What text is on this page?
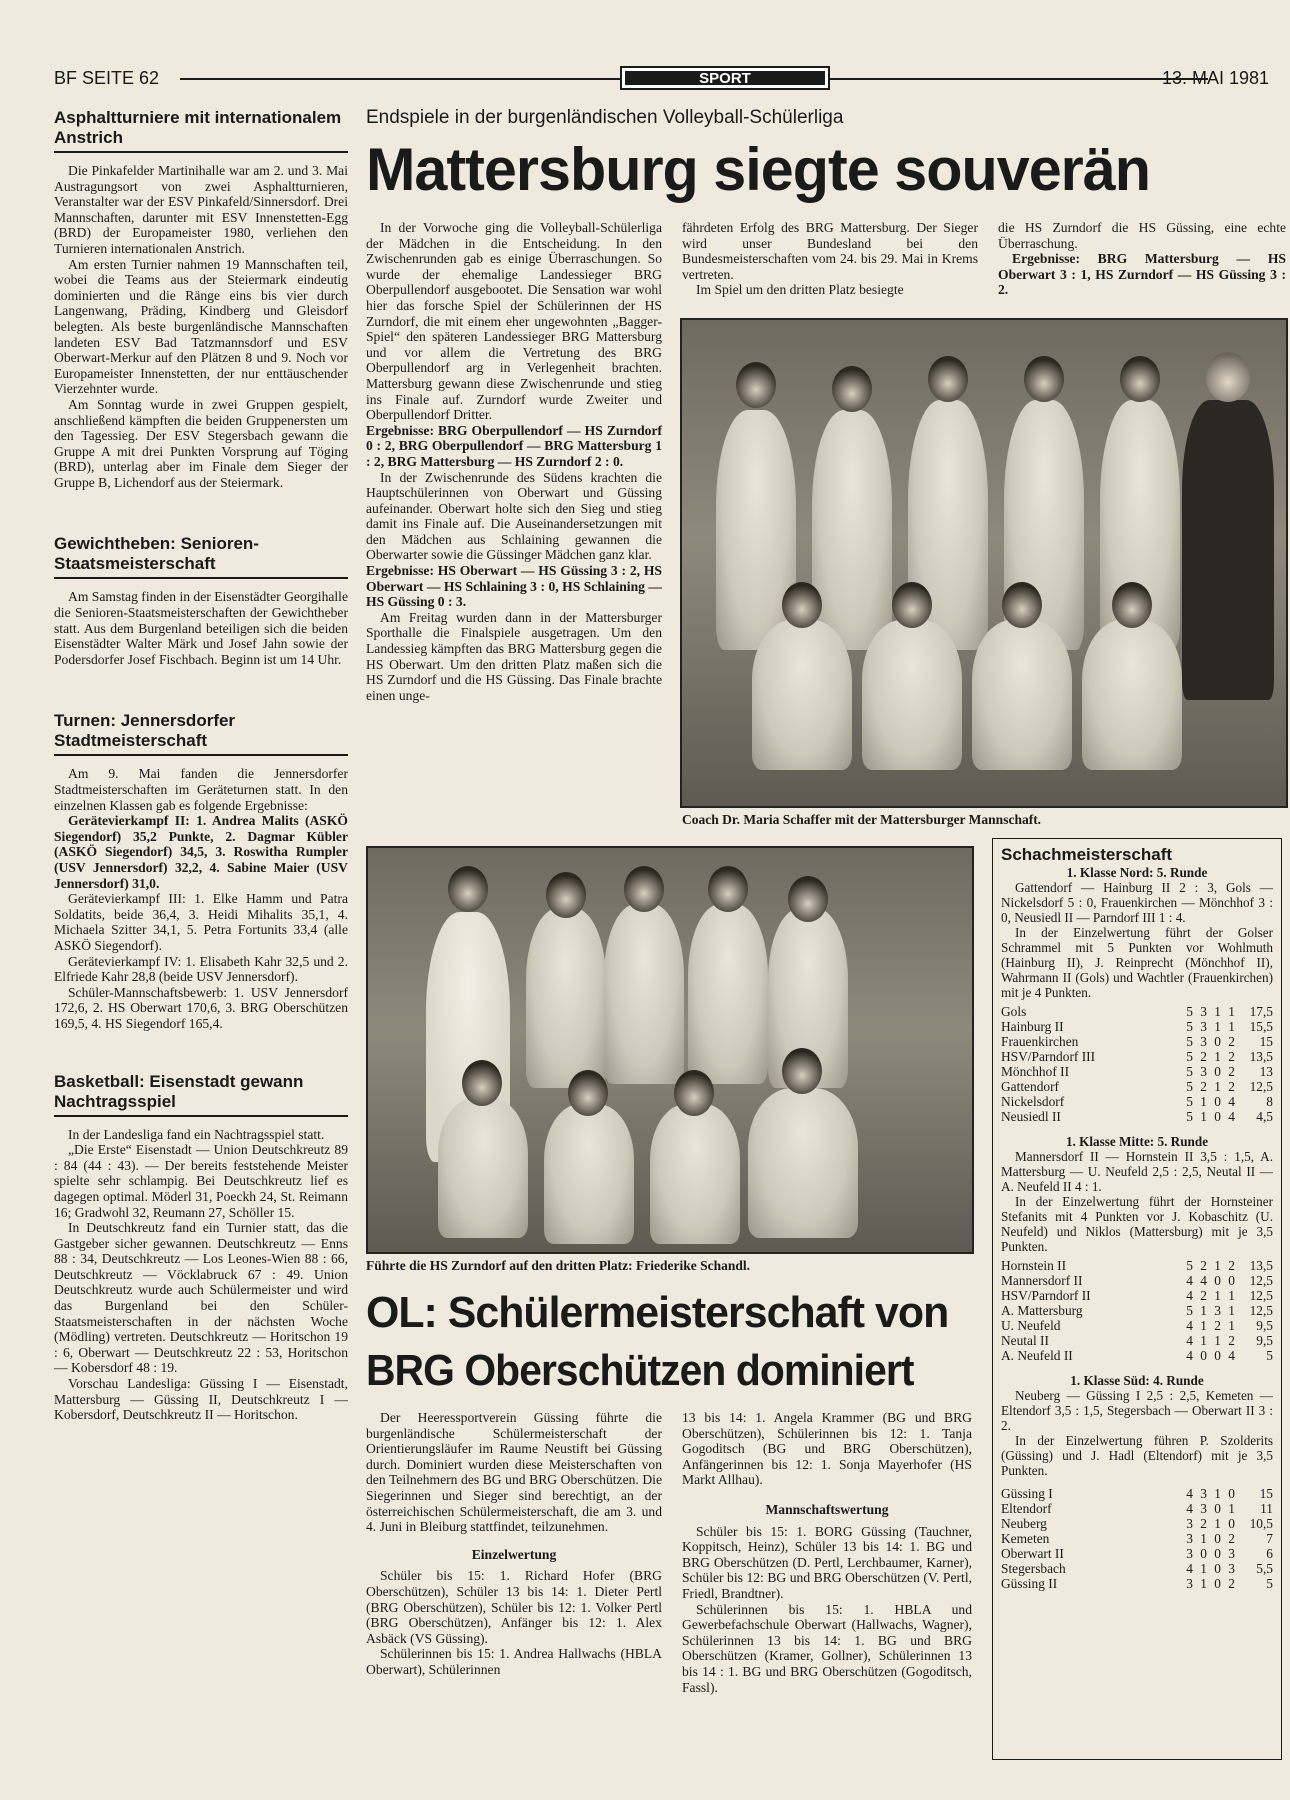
BF SEITE 62	SPORT	13. MAI 1981
Asphaltturniere mit internationalem Anstrich

Die Pinkafelder Martinihalle war am 2. und 3. Mai Austragungsort von zwei Asphaltturnieren, Veranstalter war der ESV Pinkafeld/Sinnersdorf. Drei Mannschaften, darunter mit ESV Innenstetten-Egg (BRD) der Europameister 1980, verliehen den Turnieren internationalen Anstrich.

Am ersten Turnier nahmen 19 Mannschaften teil, wobei die Teams aus der Steiermark eindeutig dominierten und die Ränge eins bis vier durch Langenwang, Präding, Kindberg und Gleisdorf belegten. Als beste burgenländische Mannschaften landeten ESV Bad Tatzmannsdorf und ESV Oberwart-Merkur auf den Plätzen 8 und 9. Noch vor Europameister Innenstetten, der nur enttäuschender Vierzehnter wurde.

Am Sonntag wurde in zwei Gruppen gespielt, anschließend kämpften die beiden Gruppenersten um den Tagessieg. Der ESV Stegersbach gewann die Gruppe A mit drei Punkten Vorsprung auf Töging (BRD), unterlag aber im Finale dem Sieger der Gruppe B, Lichendorf aus der Steiermark.

Gewichtheben: Senioren-Staatsmeisterschaft

Am Samstag finden in der Eisenstädter Georgihalle die Senioren-Staatsmeisterschaften der Gewichtheber statt. Aus dem Burgenland beteiligen sich die beiden Eisenstädter Walter Märk und Josef Jahn sowie der Podersdorfer Josef Fischbach. Beginn ist um 14 Uhr.

Turnen: Jennersdorfer Stadtmeisterschaft

Am 9. Mai fanden die Jennersdorfer Stadtmeisterschaften im Geräteturnen statt. In den einzelnen Klassen gab es folgende Ergebnisse:

Gerätevierkampf II: 1. Andrea Malits (ASKÖ Siegendorf) 35,2 Punkte, 2. Dagmar Kübler (ASKÖ Siegendorf) 34,5, 3. Roswitha Rumpler (USV Jennersdorf) 32,2, 4. Sabine Maier (USV Jennersdorf) 31,0.

Gerätevierkampf III: 1. Elke Hamm und Patra Soldatits, beide 36,4, 3. Heidi Mihalits 35,1, 4. Michaela Szitter 34,1, 5. Petra Fortunits 33,4 (alle ASKÖ Siegendorf).

Gerätevierkampf IV: 1. Elisabeth Kahr 32,5 und 2. Elfriede Kahr 28,8 (beide USV Jennersdorf).

Schüler-Mannschaftsbewerb: 1. USV Jennersdorf 172,6, 2. HS Oberwart 170,6, 3. BRG Oberschützen 169,5, 4. HS Siegendorf 165,4.

Basketball: Eisenstadt gewann Nachtragsspiel

In der Landesliga fand ein Nachtragsspiel statt.

„Die Erste“ Eisenstadt — Union Deutschkreutz 89 : 84 (44 : 43). — Der bereits feststehende Meister spielte sehr schlampig. Bei Deutschkreutz lief es dagegen optimal. Möderl 31, Poeckh 24, St. Reimann 16; Gradwohl 32, Reumann 27, Schöller 15.

In Deutschkreutz fand ein Turnier statt, das die Gastgeber sicher gewannen. Deutschkreutz — Enns 88 : 34, Deutschkreutz — Los Leones-Wien 88 : 66, Deutschkreutz — Vöcklabruck 67 : 49. Union Deutschkreutz wurde auch Schülermeister und wird das Burgenland bei den Schüler-Staatsmeisterschaften in der nächsten Woche (Mödling) vertreten. Deutschkreutz — Horitschon 19 : 6, Oberwart — Deutschkreutz 22 : 53, Horitschon — Kobersdorf 48 : 19.

Vorschau Landesliga: Güssing I — Eisenstadt, Mattersburg — Güssing II, Deutschkreutz I — Kobersdorf, Deutschkreutz II — Horitschon.

Endspiele in der burgenländischen Volleyball-Schülerliga
Mattersburg siegte souverän

In der Vorwoche ging die Volleyball-Schülerliga der Mädchen in die Entscheidung. In den Zwischenrunden gab es einige Überraschungen. So wurde der ehemalige Landessieger BRG Oberpullendorf ausgebootet. Die Sensation war wohl hier das forsche Spiel der Schülerinnen der HS Zurndorf, die mit einem eher ungewohnten „Bagger-Spiel“ den späteren Landessieger BRG Mattersburg und vor allem die Vertretung des BRG Oberpullendorf arg in Verlegenheit brachten. Mattersburg gewann diese Zwischenrunde und stieg ins Finale auf. Zurndorf wurde Zweiter und Oberpullendorf Dritter.

Ergebnisse: BRG Oberpullendorf — HS Zurndorf 0 : 2, BRG Oberpullendorf — BRG Mattersburg 1 : 2, BRG Mattersburg — HS Zurndorf 2 : 0.

In der Zwischenrunde des Südens krachten die Hauptschülerinnen von Oberwart und Güssing aufeinander. Oberwart holte sich den Sieg und stieg damit ins Finale auf. Die Auseinandersetzungen mit den Mädchen aus Schlaining gewannen die Oberwarter sowie die Güssinger Mädchen ganz klar.

Ergebnisse: HS Oberwart — HS Güssing 3 : 2, HS Oberwart — HS Schlaining 3 : 0, HS Schlaining — HS Güssing 0 : 3.

Am Freitag wurden dann in der Mattersburger Sporthalle die Finalspiele ausgetragen. Um den Landessieg kämpften das BRG Mattersburg gegen die HS Oberwart. Um den dritten Platz maßen sich die HS Zurndorf und die HS Güssing. Das Finale brachte einen unge-

fährdeten Erfolg des BRG Mattersburg. Der Sieger wird unser Bundesland bei den Bundesmeisterschaften vom 24. bis 29. Mai in Krems vertreten.

Im Spiel um den dritten Platz besiegte

die HS Zurndorf die HS Güssing, eine echte Überraschung.

Ergebnisse: BRG Mattersburg — HS Oberwart 3 : 1, HS Zurndorf — HS Güssing 3 : 2.

Coach Dr. Maria Schaffer mit der Mattersburger Mannschaft.
Führte die HS Zurndorf auf den dritten Platz: Friederike Schandl.
OL: Schülermeisterschaft von
BRG Oberschützen dominiert

Der Heeressportverein Güssing führte die burgenländische Schülermeisterschaft der Orientierungsläufer im Raume Neustift bei Güssing durch. Dominiert wurden diese Meisterschaften von den Teilnehmern des BG und BRG Oberschützen. Die Siegerinnen und Sieger sind berechtigt, an der österreichischen Schülermeisterschaft, die am 3. und 4. Juni in Bleiburg stattfindet, teilzunehmen.

Einzelwertung

Schüler bis 15: 1. Richard Hofer (BRG Oberschützen), Schüler 13 bis 14: 1. Dieter Pertl (BRG Oberschützen), Schüler bis 12: 1. Volker Pertl (BRG Oberschützen), Anfänger bis 12: 1. Alex Asbäck (VS Güssing).

Schülerinnen bis 15: 1. Andrea Hallwachs (HBLA Oberwart), Schülerinnen

13 bis 14: 1. Angela Krammer (BG und BRG Oberschützen), Schülerinnen bis 12: 1. Tanja Gogoditsch (BG und BRG Oberschützen), Anfängerinnen bis 12: 1. Sonja Mayerhofer (HS Markt Allhau).

Mannschaftswertung

Schüler bis 15: 1. BORG Güssing (Tauchner, Koppitsch, Heinz), Schüler 13 bis 14: 1. BG und BRG Oberschützen (D. Pertl, Lerchbaumer, Karner), Schüler bis 12: BG und BRG Oberschützen (V. Pertl, Friedl, Brandtner).

Schülerinnen bis 15: 1. HBLA und Gewerbefachschule Oberwart (Hallwachs, Wagner), Schülerinnen 13 bis 14: 1. BG und BRG Oberschützen (Kramer, Gollner), Schülerinnen 13 bis 14 : 1. BG und BRG Oberschützen (Gogoditsch, Fassl).

Schachmeisterschaft
1. Klasse Nord: 5. Runde

Gattendorf — Hainburg II 2 : 3, Gols — Nickelsdorf 5 : 0, Frauenkirchen — Mönchhof 3 : 0, Neusiedl II — Parndorf III 1 : 4.

In der Einzelwertung führt der Golser Schrammel mit 5 Punkten vor Wohlmuth (Hainburg II), J. Reinprecht (Mönchhof II), Wahrmann II (Gols) und Wachtler (Frauenkirchen) mit je 4 Punkten.

Gols	5	3	1	1	17,5
Hainburg II	5	3	1	1	15,5
Frauenkirchen	5	3	0	2	15
HSV/Parndorf III	5	2	1	2	13,5
Mönchhof II	5	3	0	2	13
Gattendorf	5	2	1	2	12,5
Nickelsdorf	5	1	0	4	8
Neusiedl II	5	1	0	4	4,5
1. Klasse Mitte: 5. Runde

Mannersdorf II — Hornstein II 3,5 : 1,5, A. Mattersburg — U. Neufeld 2,5 : 2,5, Neutal II — A. Neufeld II 4 : 1.

In der Einzelwertung führt der Hornsteiner Stefanits mit 4 Punkten vor J. Kobaschitz (U. Neufeld) und Niklos (Mattersburg) mit je 3,5 Punkten.

Hornstein II	5	2	1	2	13,5
Mannersdorf II	4	4	0	0	12,5
HSV/Parndorf II	4	2	1	1	12,5
A. Mattersburg	5	1	3	1	12,5
U. Neufeld	4	1	2	1	9,5
Neutal II	4	1	1	2	9,5
A. Neufeld II	4	0	0	4	5
1. Klasse Süd: 4. Runde

Neuberg — Güssing I 2,5 : 2,5, Kemeten — Eltendorf 3,5 : 1,5, Stegersbach — Oberwart II 3 : 2.

In der Einzelwertung führen P. Szolderits (Güssing) und J. Hadl (Eltendorf) mit je 3,5 Punkten.

Güssing I	4	3	1	0	15
Eltendorf	4	3	0	1	11
Neuberg	3	2	1	0	10,5
Kemeten	3	1	0	2	7
Oberwart II	3	0	0	3	6
Stegersbach	4	1	0	3	5,5
Güssing II	3	1	0	2	5
